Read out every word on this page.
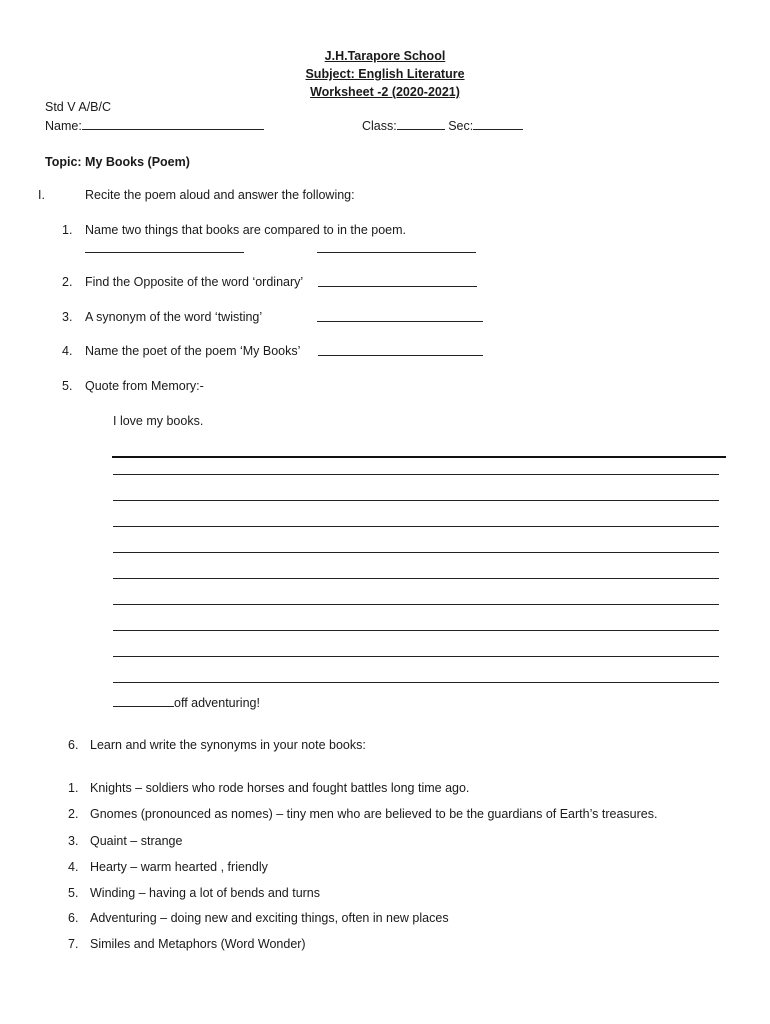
J.H.Tarapore School
Subject: English Literature
Worksheet -2 (2020-2021)
Std V A/B/C
Name:	Class:	Sec:
Topic: My Books (Poem)
I.	Recite the poem aloud and answer the following:
1. Name two things that books are compared to in the poem.
2. Find the Opposite of the word ‘ordinary’
3. A synonym of the word ‘twisting’
4. Name the poet of the poem ‘My Books’
5. Quote from Memory:-
I love my books.
off adventuring!
6. Learn and write the synonyms in your note books:
1. Knights – soldiers who rode horses and fought battles long time ago.
2. Gnomes (pronounced as nomes) – tiny men who are believed to be the guardians of Earth’s treasures.
3. Quaint – strange
4. Hearty – warm hearted , friendly
5. Winding – having a lot of bends and turns
6. Adventuring – doing new and exciting things, often in new places
7. Similes and Metaphors (Word Wonder)
